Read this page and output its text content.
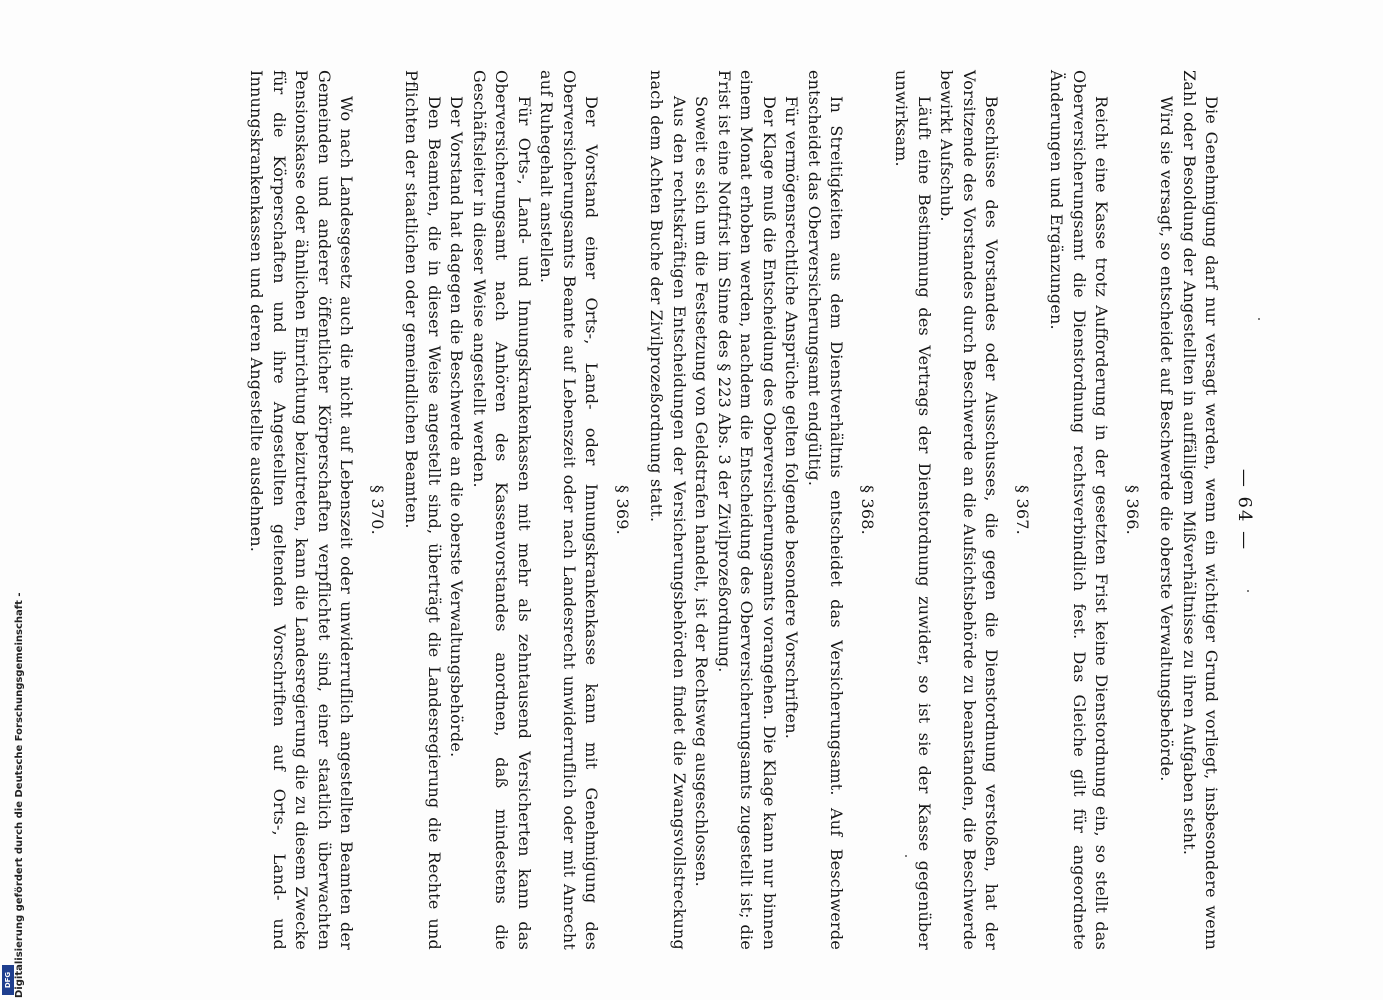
— 64 —

Die Genehmigung darf nur versagt werden, wenn ein wichtiger Grund vorliegt, insbesondere wenn Zahl oder Besoldung der Angestellten in auffälligem Mißverhältnisse zu ihren Aufgaben steht.

Wird sie versagt, so entscheidet auf Beschwerde die oberste Verwaltungsbehörde.

§ 366.

Reicht eine Kasse trotz Aufforderung in der gesetzten Frist keine Dienstordnung ein, so stellt das Oberversicherungsamt die Dienstordnung rechtsverbindlich fest. Das Gleiche gilt für angeordnete Änderungen und Ergänzungen.

§ 367.

Beschlüsse des Vorstandes oder Ausschusses, die gegen die Dienstordnung verstoßen, hat der Vorsitzende des Vorstandes durch Beschwerde an die Aufsichtsbehörde zu beanstanden, die Beschwerde bewirkt Aufschub.

Läuft eine Bestimmung des Vertrags der Dienstordnung zuwider, so ist sie der Kasse gegenüber unwirksam.

§ 368.

In Streitigkeiten aus dem Dienstverhältnis entscheidet das Versicherungsamt. Auf Beschwerde entscheidet das Oberversicherungsamt endgültig.

Für vermögensrechtliche Ansprüche gelten folgende besondere Vorschriften.

Der Klage muß die Entscheidung des Oberversicherungsamts vorangehen. Die Klage kann nur binnen einem Monat erhoben werden, nachdem die Entscheidung des Oberversicherungsamts zugestellt ist; die Frist ist eine Notfrist im Sinne des § 223 Abs. 3 der Zivilprozeßordnung.

Soweit es sich um die Festsetzung von Geldstrafen handelt, ist der Rechtsweg ausgeschlossen.

Aus den rechtskräftigen Entscheidungen der Versicherungsbehörden findet die Zwangsvollstreckung nach dem Achten Buche der Zivilprozeßordnung statt.

§ 369.

Der Vorstand einer Orts-, Land- oder Innungskrankenkasse kann mit Genehmigung des Oberversicherungsamts Beamte auf Lebenszeit oder nach Landesrecht unwiderruflich oder mit Anrecht auf Ruhegehalt anstellen.

Für Orts-, Land- und Innungskrankenkassen mit mehr als zehntausend Versicherten kann das Oberversicherungsamt nach Anhören des Kassenvorstandes anordnen, daß mindestens die Geschäftsleiter in dieser Weise angestellt werden.

Der Vorstand hat dagegen die Beschwerde an die oberste Verwaltungsbehörde.

Den Beamten, die in dieser Weise angestellt sind, überträgt die Landesregierung die Rechte und Pflichten der staatlichen oder gemeindlichen Beamten.

§ 370.

Wo nach Landesgesetz auch die nicht auf Lebenszeit oder unwiderruflich angestellten Beamten der Gemeinden und anderer öffentlicher Körperschaften verpflichtet sind, einer staatlich überwachten Pensionskasse oder ähnlichen Einrichtung beizutreten, kann die Landesregierung die zu diesem Zwecke für die Körperschaften und ihre Angestellten geltenden Vorschriften auf Orts-, Land- und Innungskrankenkassen und deren Angestellte ausdehnen.

Digitalisierung gefördert durch die Deutsche Forschungsgemeinschaft -
DFG
